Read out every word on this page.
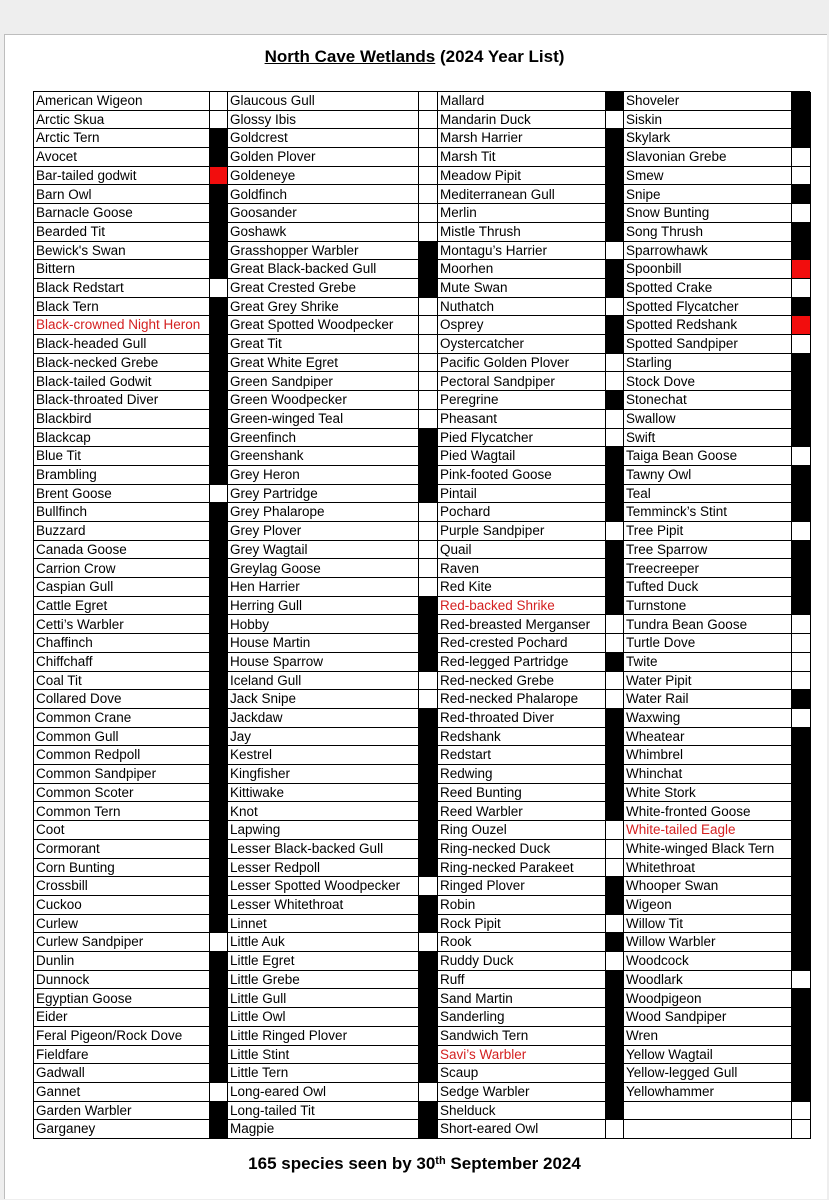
North Cave Wetlands (2024 Year List)
American Wigeon	Glaucous Gull	Mallard	Shoveler
Arctic Skua	Glossy Ibis	Mandarin Duck	Siskin
Arctic Tern	Goldcrest	Marsh Harrier	Skylark
Avocet	Golden Plover	Marsh Tit	Slavonian Grebe
Bar-tailed godwit	Goldeneye	Meadow Pipit	Smew
Barn Owl	Goldfinch	Mediterranean Gull	Snipe
Barnacle Goose	Goosander	Merlin	Snow Bunting
Bearded Tit	Goshawk	Mistle Thrush	Song Thrush
Bewick's Swan	Grasshopper Warbler	Montagu’s Harrier	Sparrowhawk
Bittern	Great Black-backed Gull	Moorhen	Spoonbill
Black Redstart	Great Crested Grebe	Mute Swan	Spotted Crake
Black Tern	Great Grey Shrike	Nuthatch	Spotted Flycatcher
Black-crowned Night Heron	Great Spotted Woodpecker	Osprey	Spotted Redshank
Black-headed Gull	Great Tit	Oystercatcher	Spotted Sandpiper
Black-necked Grebe	Great White Egret	Pacific Golden Plover	Starling
Black-tailed Godwit	Green Sandpiper	Pectoral Sandpiper	Stock Dove
Black-throated Diver	Green Woodpecker	Peregrine	Stonechat
Blackbird	Green-winged Teal	Pheasant	Swallow
Blackcap	Greenfinch	Pied Flycatcher	Swift
Blue Tit	Greenshank	Pied Wagtail	Taiga Bean Goose
Brambling	Grey Heron	Pink-footed Goose	Tawny Owl
Brent Goose	Grey Partridge	Pintail	Teal
Bullfinch	Grey Phalarope	Pochard	Temminck’s Stint
Buzzard	Grey Plover	Purple Sandpiper	Tree Pipit
Canada Goose	Grey Wagtail	Quail	Tree Sparrow
Carrion Crow	Greylag Goose	Raven	Treecreeper
Caspian Gull	Hen Harrier	Red Kite	Tufted Duck
Cattle Egret	Herring Gull	Red-backed Shrike	Turnstone
Cetti’s Warbler	Hobby	Red-breasted Merganser	Tundra Bean Goose
Chaffinch	House Martin	Red-crested Pochard	Turtle Dove
Chiffchaff	House Sparrow	Red-legged Partridge	Twite
Coal Tit	Iceland Gull	Red-necked Grebe	Water Pipit
Collared Dove	Jack Snipe	Red-necked Phalarope	Water Rail
Common Crane	Jackdaw	Red-throated Diver	Waxwing
Common Gull	Jay	Redshank	Wheatear
Common Redpoll	Kestrel	Redstart	Whimbrel
Common Sandpiper	Kingfisher	Redwing	Whinchat
Common Scoter	Kittiwake	Reed Bunting	White Stork
Common Tern	Knot	Reed Warbler	White-fronted Goose
Coot	Lapwing	Ring Ouzel	White-tailed Eagle
Cormorant	Lesser Black-backed Gull	Ring-necked Duck	White-winged Black Tern
Corn Bunting	Lesser Redpoll	Ring-necked Parakeet	Whitethroat
Crossbill	Lesser Spotted Woodpecker	Ringed Plover	Whooper Swan
Cuckoo	Lesser Whitethroat	Robin	Wigeon
Curlew	Linnet	Rock Pipit	Willow Tit
Curlew Sandpiper	Little Auk	Rook	Willow Warbler
Dunlin	Little Egret	Ruddy Duck	Woodcock
Dunnock	Little Grebe	Ruff	Woodlark
Egyptian Goose	Little Gull	Sand Martin	Woodpigeon
Eider	Little Owl	Sanderling	Wood Sandpiper
Feral Pigeon/Rock Dove	Little Ringed Plover	Sandwich Tern	Wren
Fieldfare	Little Stint	Savi’s Warbler	Yellow Wagtail
Gadwall	Little Tern	Scaup	Yellow-legged Gull
Gannet	Long-eared Owl	Sedge Warbler	Yellowhammer
Garden Warbler	Long-tailed Tit	Shelduck
Garganey	Magpie	Short-eared Owl
165 species seen by 30th September 2024
